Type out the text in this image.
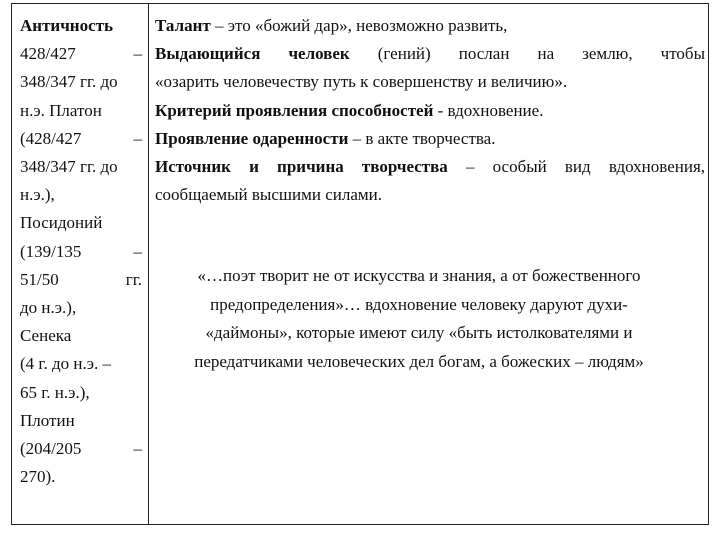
Античность
428/427	–
348/347 гг. до
н.э. Платон
(428/427	–
348/347 гг. до
н.э.),
Посидоний
(139/135	–
51/50	гг.
до н.э.),
Сенека
(4 г. до н.э. –
65 г. н.э.),
Плотин
(204/205	–
270).
Талант – это «божий дар», невозможно развить,
Выдающийся человек (гений) послан на землю, чтобы
«озарить человечеству путь к совершенству и величию».
Критерий проявления способностей - вдохновение.
Проявление одаренности – в акте творчества.
Источник и причина творчества – особый вид вдохновения,
сообщаемый высшими силами.
«…поэт творит не от искусства и знания, а от божественного
предопределения»… вдохновение человеку даруют духи-
«даймоны», которые имеют силу «быть истолкователями и
передатчиками человеческих дел богам, а божеских – людям»
